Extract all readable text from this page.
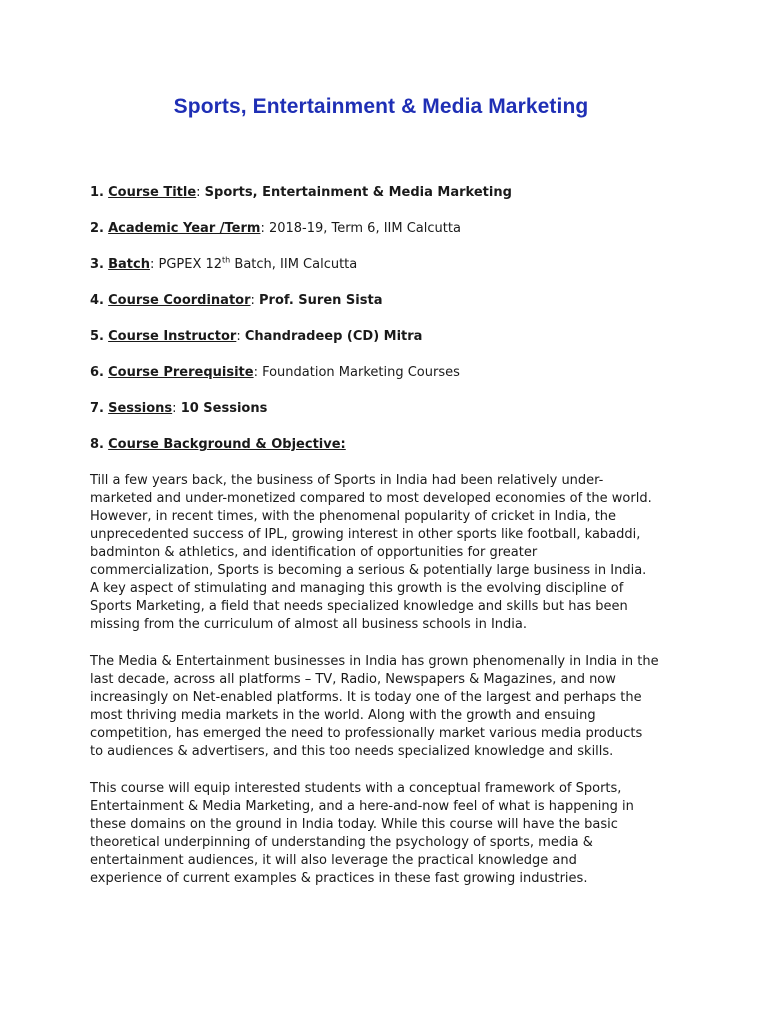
Sports, Entertainment & Media Marketing
1. Course Title: Sports, Entertainment & Media Marketing
2. Academic Year /Term: 2018-19, Term 6, IIM Calcutta
3. Batch: PGPEX 12th Batch, IIM Calcutta
4. Course Coordinator: Prof. Suren Sista
5. Course Instructor: Chandradeep (CD) Mitra
6. Course Prerequisite: Foundation Marketing Courses
7. Sessions: 10 Sessions
8. Course Background & Objective:
Till a few years back, the business of Sports in India had been relatively under-
marketed and under-monetized compared to most developed economies of the world.
However, in recent times, with the phenomenal popularity of cricket in India, the
unprecedented success of IPL, growing interest in other sports like football, kabaddi,
badminton & athletics, and identification of opportunities for greater
commercialization, Sports is becoming a serious & potentially large business in India.
A key aspect of stimulating and managing this growth is the evolving discipline of
Sports Marketing, a field that needs specialized knowledge and skills but has been
missing from the curriculum of almost all business schools in India.
The Media & Entertainment businesses in India has grown phenomenally in India in the
last decade, across all platforms – TV, Radio, Newspapers & Magazines, and now
increasingly on Net-enabled platforms. It is today one of the largest and perhaps the
most thriving media markets in the world. Along with the growth and ensuing
competition, has emerged the need to professionally market various media products
to audiences & advertisers, and this too needs specialized knowledge and skills.
This course will equip interested students with a conceptual framework of Sports,
Entertainment & Media Marketing, and a here-and-now feel of what is happening in
these domains on the ground in India today. While this course will have the basic
theoretical underpinning of understanding the psychology of sports, media &
entertainment audiences, it will also leverage the practical knowledge and
experience of current examples & practices in these fast growing industries.
